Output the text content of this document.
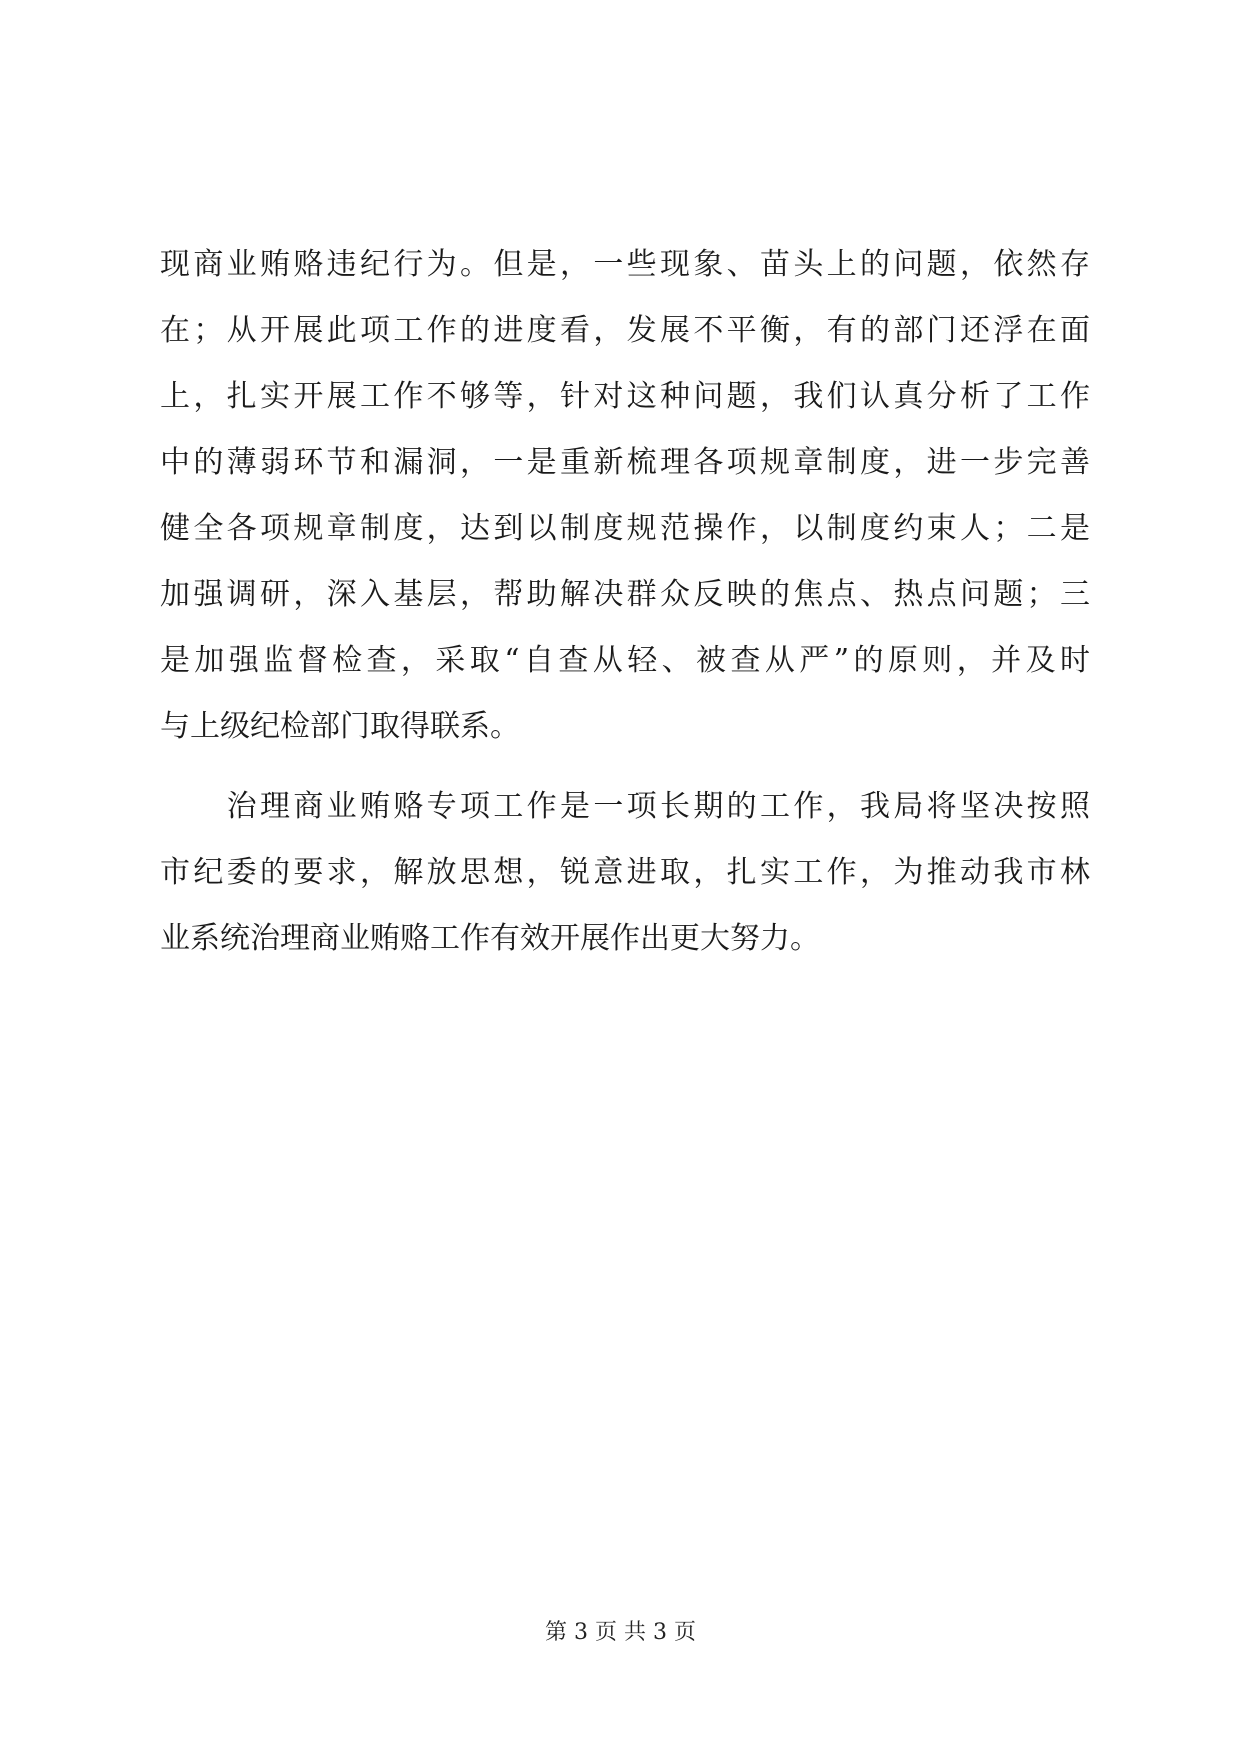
现商业贿赂违纪行为。但是，一些现象、苗头上的问题，依然存
在；从开展此项工作的进度看，发展不平衡，有的部门还浮在面
上，扎实开展工作不够等，针对这种问题，我们认真分析了工作
中的薄弱环节和漏洞，一是重新梳理各项规章制度，进一步完善
健全各项规章制度，达到以制度规范操作，以制度约束人；二是
加强调研，深入基层，帮助解决群众反映的焦点、热点问题；三
是加强监督检查，采取“自查从轻、被查从严”的原则，并及时
与上级纪检部门取得联系。
　　治理商业贿赂专项工作是一项长期的工作，我局将坚决按照
市纪委的要求，解放思想，锐意进取，扎实工作，为推动我市林
业系统治理商业贿赂工作有效开展作出更大努力。
第 3 页 共 3 页
